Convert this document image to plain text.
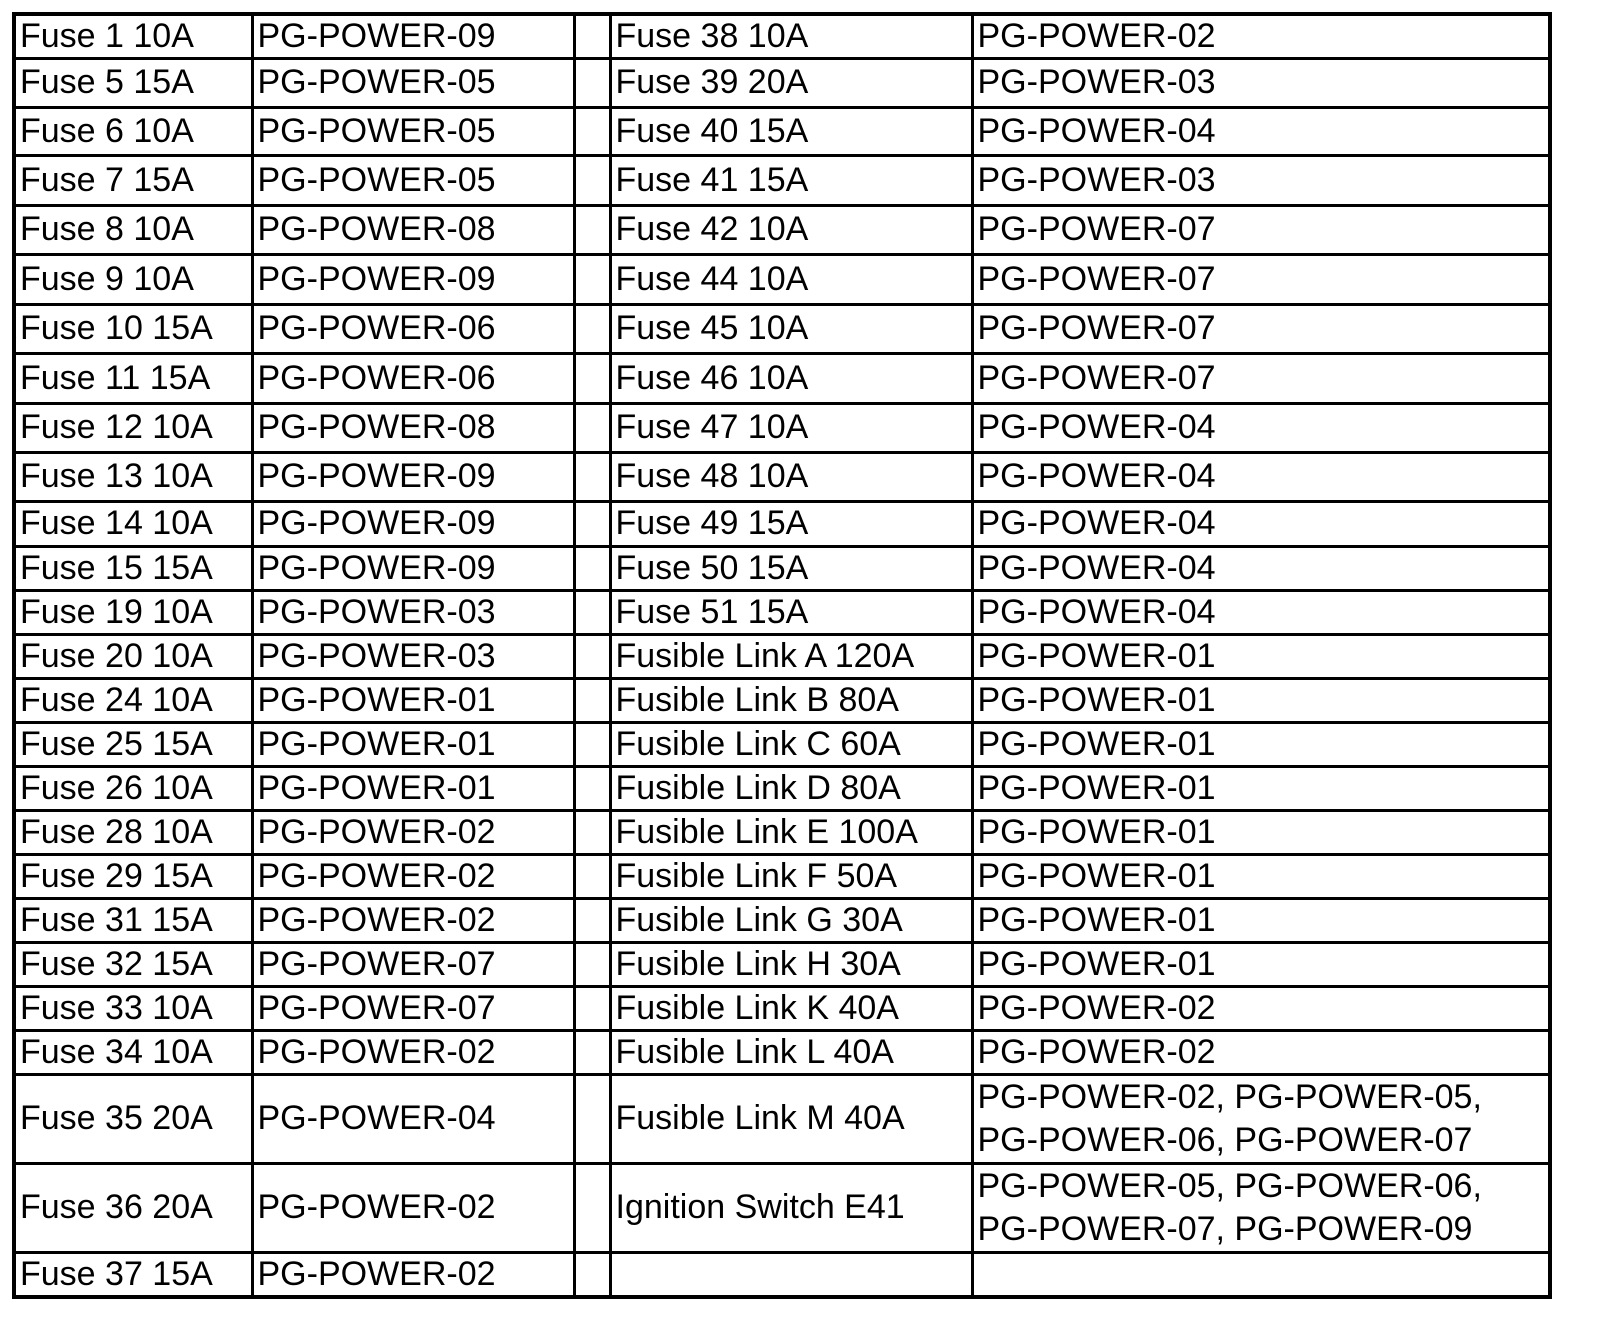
Fuse 1 10A	PG-POWER-09		Fuse 38 10A	PG-POWER-02

Fuse 5 15A	PG-POWER-05		Fuse 39 20A	PG-POWER-03

Fuse 6 10A	PG-POWER-05		Fuse 40 15A	PG-POWER-04

Fuse 7 15A	PG-POWER-05		Fuse 41 15A	PG-POWER-03

Fuse 8 10A	PG-POWER-08		Fuse 42 10A	PG-POWER-07

Fuse 9 10A	PG-POWER-09		Fuse 44 10A	PG-POWER-07

Fuse 10 15A	PG-POWER-06		Fuse 45 10A	PG-POWER-07

Fuse 11 15A	PG-POWER-06		Fuse 46 10A	PG-POWER-07

Fuse 12 10A	PG-POWER-08		Fuse 47 10A	PG-POWER-04

Fuse 13 10A	PG-POWER-09		Fuse 48 10A	PG-POWER-04

Fuse 14 10A	PG-POWER-09		Fuse 49 15A	PG-POWER-04

Fuse 15 15A	PG-POWER-09		Fuse 50 15A	PG-POWER-04

Fuse 19 10A	PG-POWER-03		Fuse 51 15A	PG-POWER-04

Fuse 20 10A	PG-POWER-03		Fusible Link A 120A	PG-POWER-01

Fuse 24 10A	PG-POWER-01		Fusible Link B 80A	PG-POWER-01

Fuse 25 15A	PG-POWER-01		Fusible Link C 60A	PG-POWER-01

Fuse 26 10A	PG-POWER-01		Fusible Link D 80A	PG-POWER-01

Fuse 28 10A	PG-POWER-02		Fusible Link E 100A	PG-POWER-01

Fuse 29 15A	PG-POWER-02		Fusible Link F 50A	PG-POWER-01

Fuse 31 15A	PG-POWER-02		Fusible Link G 30A	PG-POWER-01

Fuse 32 15A	PG-POWER-07		Fusible Link H 30A	PG-POWER-01

Fuse 33 10A	PG-POWER-07		Fusible Link K 40A	PG-POWER-02

Fuse 34 10A	PG-POWER-02		Fusible Link L 40A	PG-POWER-02

Fuse 35 20A	PG-POWER-04		Fusible Link M 40A	PG-POWER-02, PG-POWER-05,
PG-POWER-06, PG-POWER-07

Fuse 36 20A	PG-POWER-02		Ignition Switch E41	PG-POWER-05, PG-POWER-06,
PG-POWER-07, PG-POWER-09

Fuse 37 15A	PG-POWER-02			
